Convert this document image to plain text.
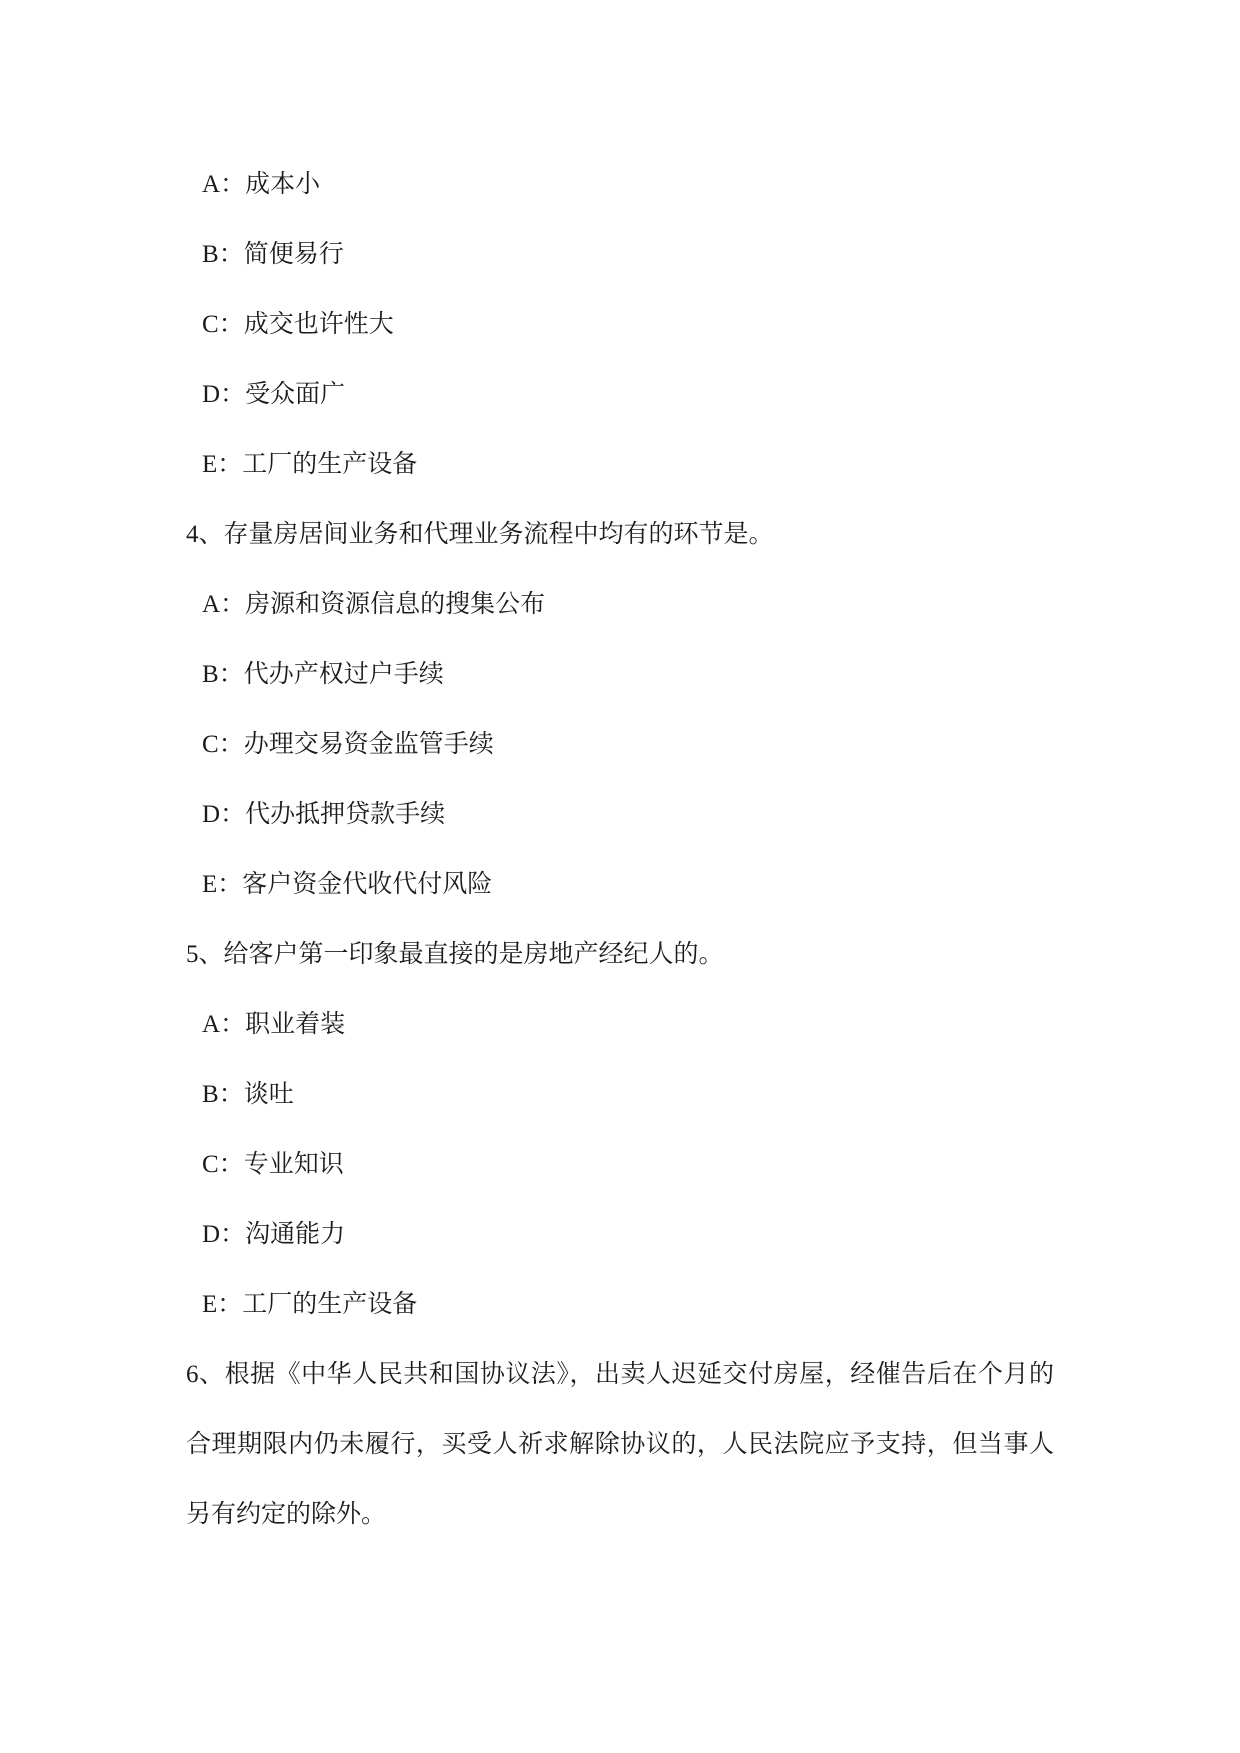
A：成本小
B：简便易行
C：成交也许性大
D：受众面广
E：工厂的生产设备
4、存量房居间业务和代理业务流程中均有的环节是。
A：房源和资源信息的搜集公布
B：代办产权过户手续
C：办理交易资金监管手续
D：代办抵押贷款手续
E：客户资金代收代付风险
5、给客户第一印象最直接的是房地产经纪人的。
A：职业着装
B：谈吐
C：专业知识
D：沟通能力
E：工厂的生产设备
6、根据《中华人民共和国协议法》，出卖人迟延交付房屋，经催告后在个月的
合理期限内仍未履行，买受人祈求解除协议的，人民法院应予支持，但当事人
另有约定的除外。
